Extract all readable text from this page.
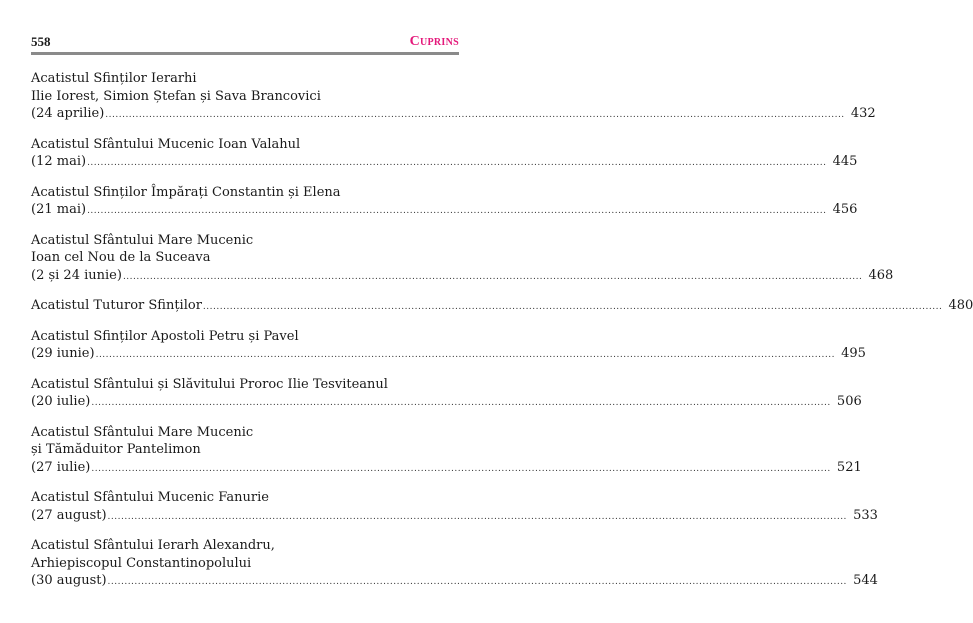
558	Cuprins
Acatistul Sfinților Ierarhi
Ilie Iorest, Simion Ștefan și Sava Brancovici
(24 aprilie) ............................................................................................................................................................................................................................ 432
Acatistul Sfântului Mucenic Ioan Valahul
(12 mai) ............................................................................................................................................................................................................................ 445
Acatistul Sfinților Împărați Constantin și Elena
(21 mai) ............................................................................................................................................................................................................................ 456
Acatistul Sfântului Mare Mucenic
Ioan cel Nou de la Suceava
(2 și 24 iunie) ............................................................................................................................................................................................................................ 468
Acatistul Tuturor Sfinților ............................................................................................................................................................................................................................ 480
Acatistul Sfinților Apostoli Petru și Pavel
(29 iunie) ............................................................................................................................................................................................................................ 495
Acatistul Sfântului și Slăvitului Proroc Ilie Tesviteanul
(20 iulie) ............................................................................................................................................................................................................................ 506
Acatistul Sfântului Mare Mucenic
și Tămăduitor Pantelimon
(27 iulie) ............................................................................................................................................................................................................................ 521
Acatistul Sfântului Mucenic Fanurie
(27 august) ............................................................................................................................................................................................................................ 533
Acatistul Sfântului Ierarh Alexandru,
Arhiepiscopul Constantinopolului
(30 august) ............................................................................................................................................................................................................................ 544
